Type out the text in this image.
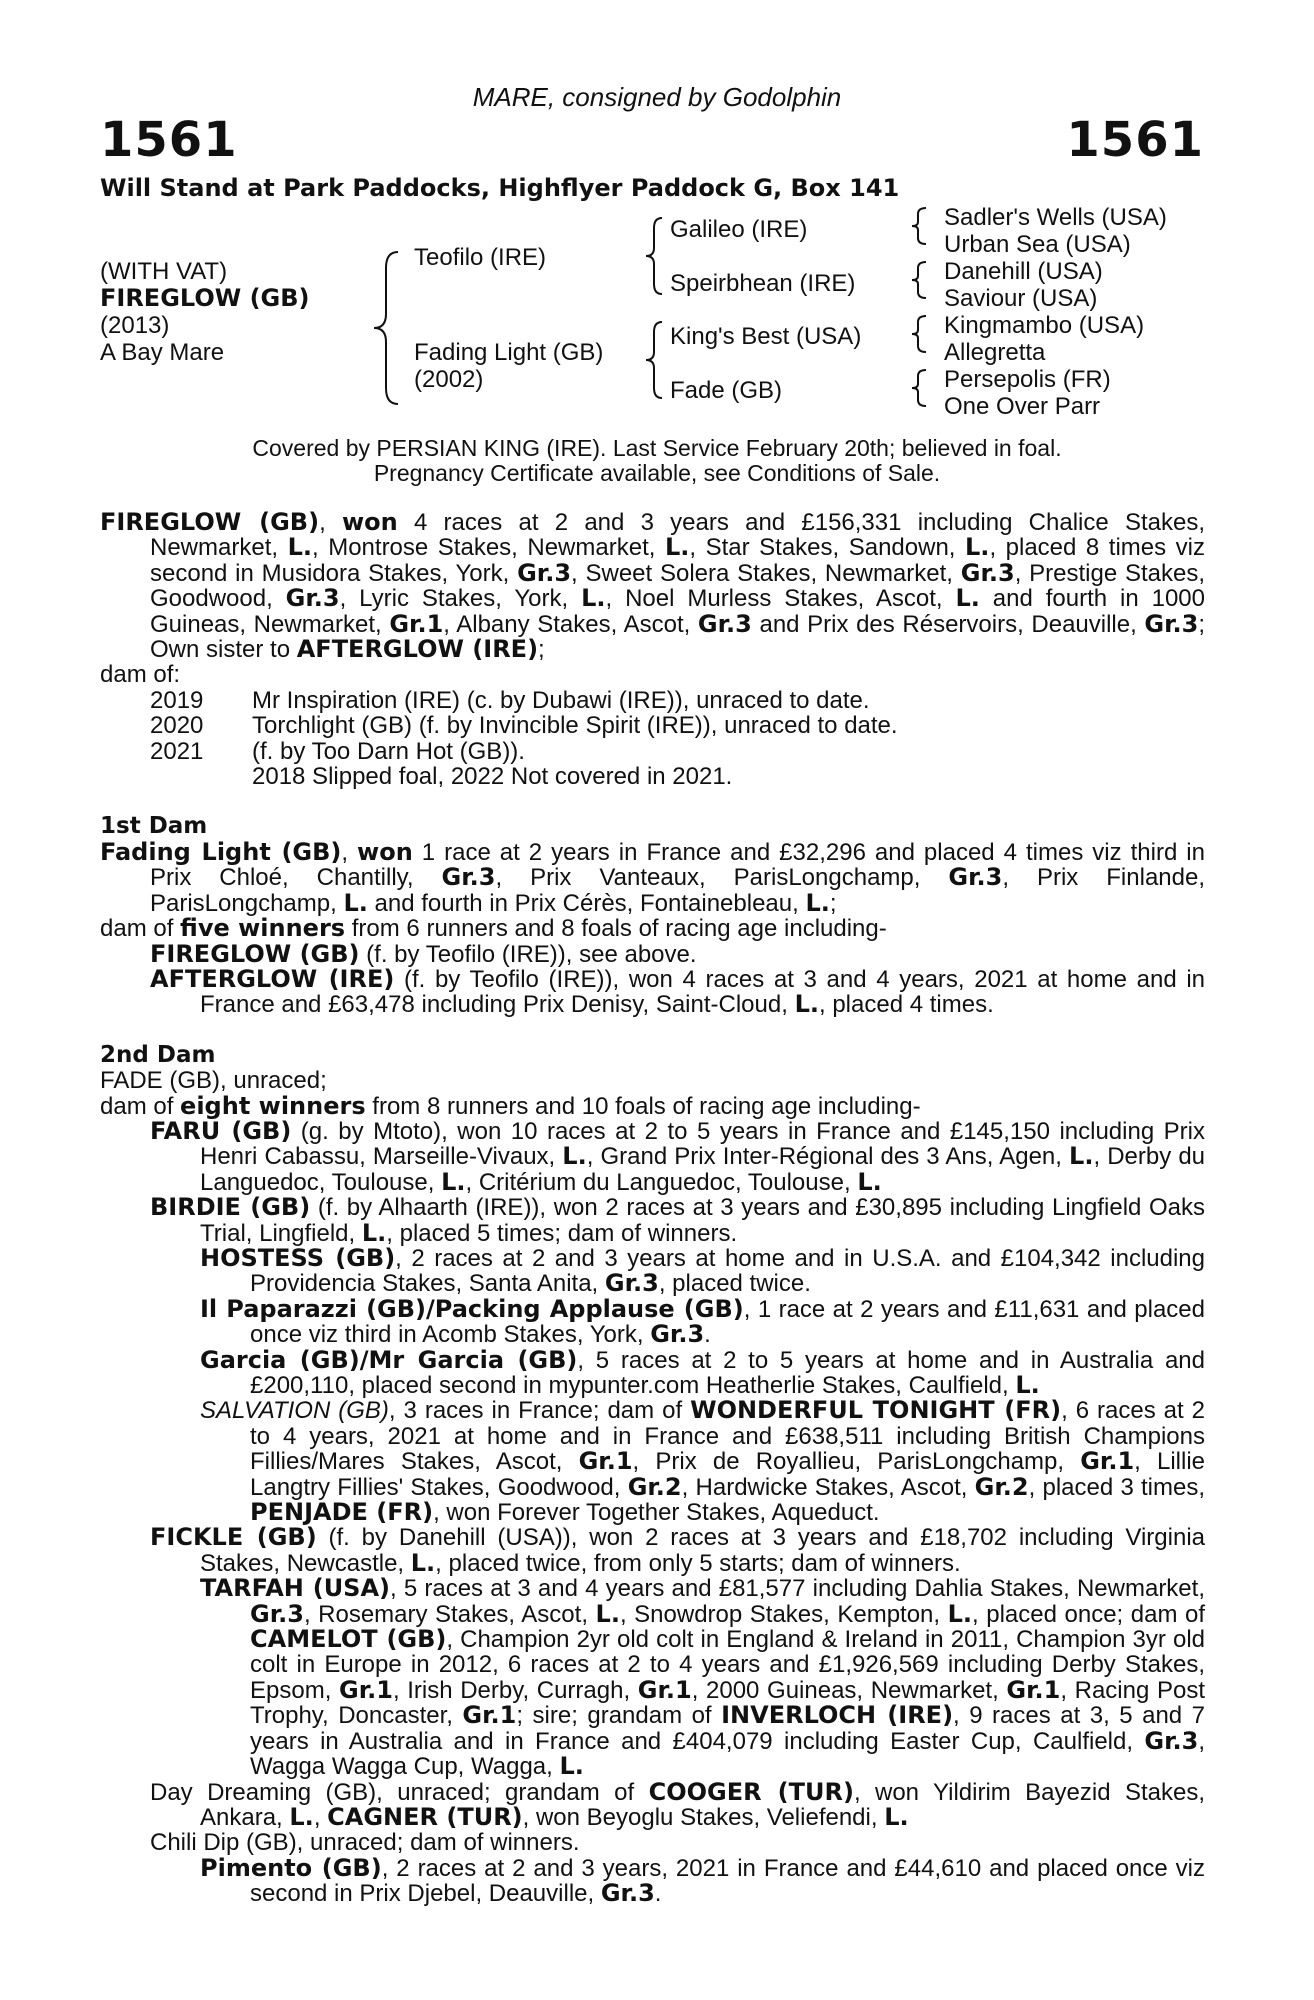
MARE, consigned by Godolphin
1561	1561
Will Stand at Park Paddocks, Highflyer Paddock G, Box 141
(WITH VAT)
FIREGLOW (GB)
(2013)
A Bay Mare
Teofilo (IRE)
Fading Light (GB)
(2002)
Galileo (IRE)
Speirbhean (IRE)
King's Best (USA)
Fade (GB)
Sadler's Wells (USA)
Urban Sea (USA)
Danehill (USA)
Saviour (USA)
Kingmambo (USA)
Allegretta
Persepolis (FR)
One Over Parr
Covered by PERSIAN KING (IRE). Last Service February 20th; believed in foal.
Pregnancy Certificate available, see Conditions of Sale.

FIREGLOW (GB), won 4 races at 2 and 3 years and £156,331 including Chalice Stakes, Newmarket, L., Montrose Stakes, Newmarket, L., Star Stakes, Sandown, L., placed 8 times viz second in Musidora Stakes, York, Gr.3, Sweet Solera Stakes, Newmarket, Gr.3, Prestige Stakes, Goodwood, Gr.3, Lyric Stakes, York, L., Noel Murless Stakes, Ascot, L. and fourth in 1000 Guineas, Newmarket, Gr.1, Albany Stakes, Ascot, Gr.3 and Prix des Réservoirs, Deauville, Gr.3; Own sister to AFTERGLOW (IRE);

dam of:

2019 Mr Inspiration (IRE) (c. by Dubawi (IRE)), unraced to date.

2020 Torchlight (GB) (f. by Invincible Spirit (IRE)), unraced to date.

2021 (f. by Too Darn Hot (GB)).

2018 Slipped foal, 2022 Not covered in 2021.

1st Dam

Fading Light (GB), won 1 race at 2 years in France and £32,296 and placed 4 times viz third in Prix Chloé, Chantilly, Gr.3, Prix Vanteaux, ParisLongchamp, Gr.3, Prix Finlande, ParisLongchamp, L. and fourth in Prix Cérès, Fontainebleau, L.;

dam of five winners from 6 runners and 8 foals of racing age including-

FIREGLOW (GB) (f. by Teofilo (IRE)), see above.

AFTERGLOW (IRE) (f. by Teofilo (IRE)), won 4 races at 3 and 4 years, 2021 at home and in France and £63,478 including Prix Denisy, Saint-Cloud, L., placed 4 times.

2nd Dam

FADE (GB), unraced;

dam of eight winners from 8 runners and 10 foals of racing age including-

FARU (GB) (g. by Mtoto), won 10 races at 2 to 5 years in France and £145,150 including Prix Henri Cabassu, Marseille-Vivaux, L., Grand Prix Inter-Régional des 3 Ans, Agen, L., Derby du Languedoc, Toulouse, L., Critérium du Languedoc, Toulouse, L.

BIRDIE (GB) (f. by Alhaarth (IRE)), won 2 races at 3 years and £30,895 including Lingfield Oaks Trial, Lingfield, L., placed 5 times; dam of winners.

HOSTESS (GB), 2 races at 2 and 3 years at home and in U.S.A. and £104,342 including Providencia Stakes, Santa Anita, Gr.3, placed twice.

Il Paparazzi (GB)/Packing Applause (GB), 1 race at 2 years and £11,631 and placed once viz third in Acomb Stakes, York, Gr.3.

Garcia (GB)/Mr Garcia (GB), 5 races at 2 to 5 years at home and in Australia and £200,110, placed second in mypunter.com Heatherlie Stakes, Caulfield, L.

SALVATION (GB), 3 races in France; dam of WONDERFUL TONIGHT (FR), 6 races at 2 to 4 years, 2021 at home and in France and £638,511 including British Champions Fillies/Mares Stakes, Ascot, Gr.1, Prix de Royallieu, ParisLongchamp, Gr.1, Lillie Langtry Fillies' Stakes, Goodwood, Gr.2, Hardwicke Stakes, Ascot, Gr.2, placed 3 times, PENJADE (FR), won Forever Together Stakes, Aqueduct.

FICKLE (GB) (f. by Danehill (USA)), won 2 races at 3 years and £18,702 including Virginia Stakes, Newcastle, L., placed twice, from only 5 starts; dam of winners.

TARFAH (USA), 5 races at 3 and 4 years and £81,577 including Dahlia Stakes, Newmarket, Gr.3, Rosemary Stakes, Ascot, L., Snowdrop Stakes, Kempton, L., placed once; dam of CAMELOT (GB), Champion 2yr old colt in England & Ireland in 2011, Champion 3yr old colt in Europe in 2012, 6 races at 2 to 4 years and £1,926,569 including Derby Stakes, Epsom, Gr.1, Irish Derby, Curragh, Gr.1, 2000 Guineas, Newmarket, Gr.1, Racing Post Trophy, Doncaster, Gr.1; sire; grandam of INVERLOCH (IRE), 9 races at 3, 5 and 7 years in Australia and in France and £404,079 including Easter Cup, Caulfield, Gr.3, Wagga Wagga Cup, Wagga, L.

Day Dreaming (GB), unraced; grandam of COOGER (TUR), won Yildirim Bayezid Stakes, Ankara, L., CAGNER (TUR), won Beyoglu Stakes, Veliefendi, L.

Chili Dip (GB), unraced; dam of winners.

Pimento (GB), 2 races at 2 and 3 years, 2021 in France and £44,610 and placed once viz second in Prix Djebel, Deauville, Gr.3.
